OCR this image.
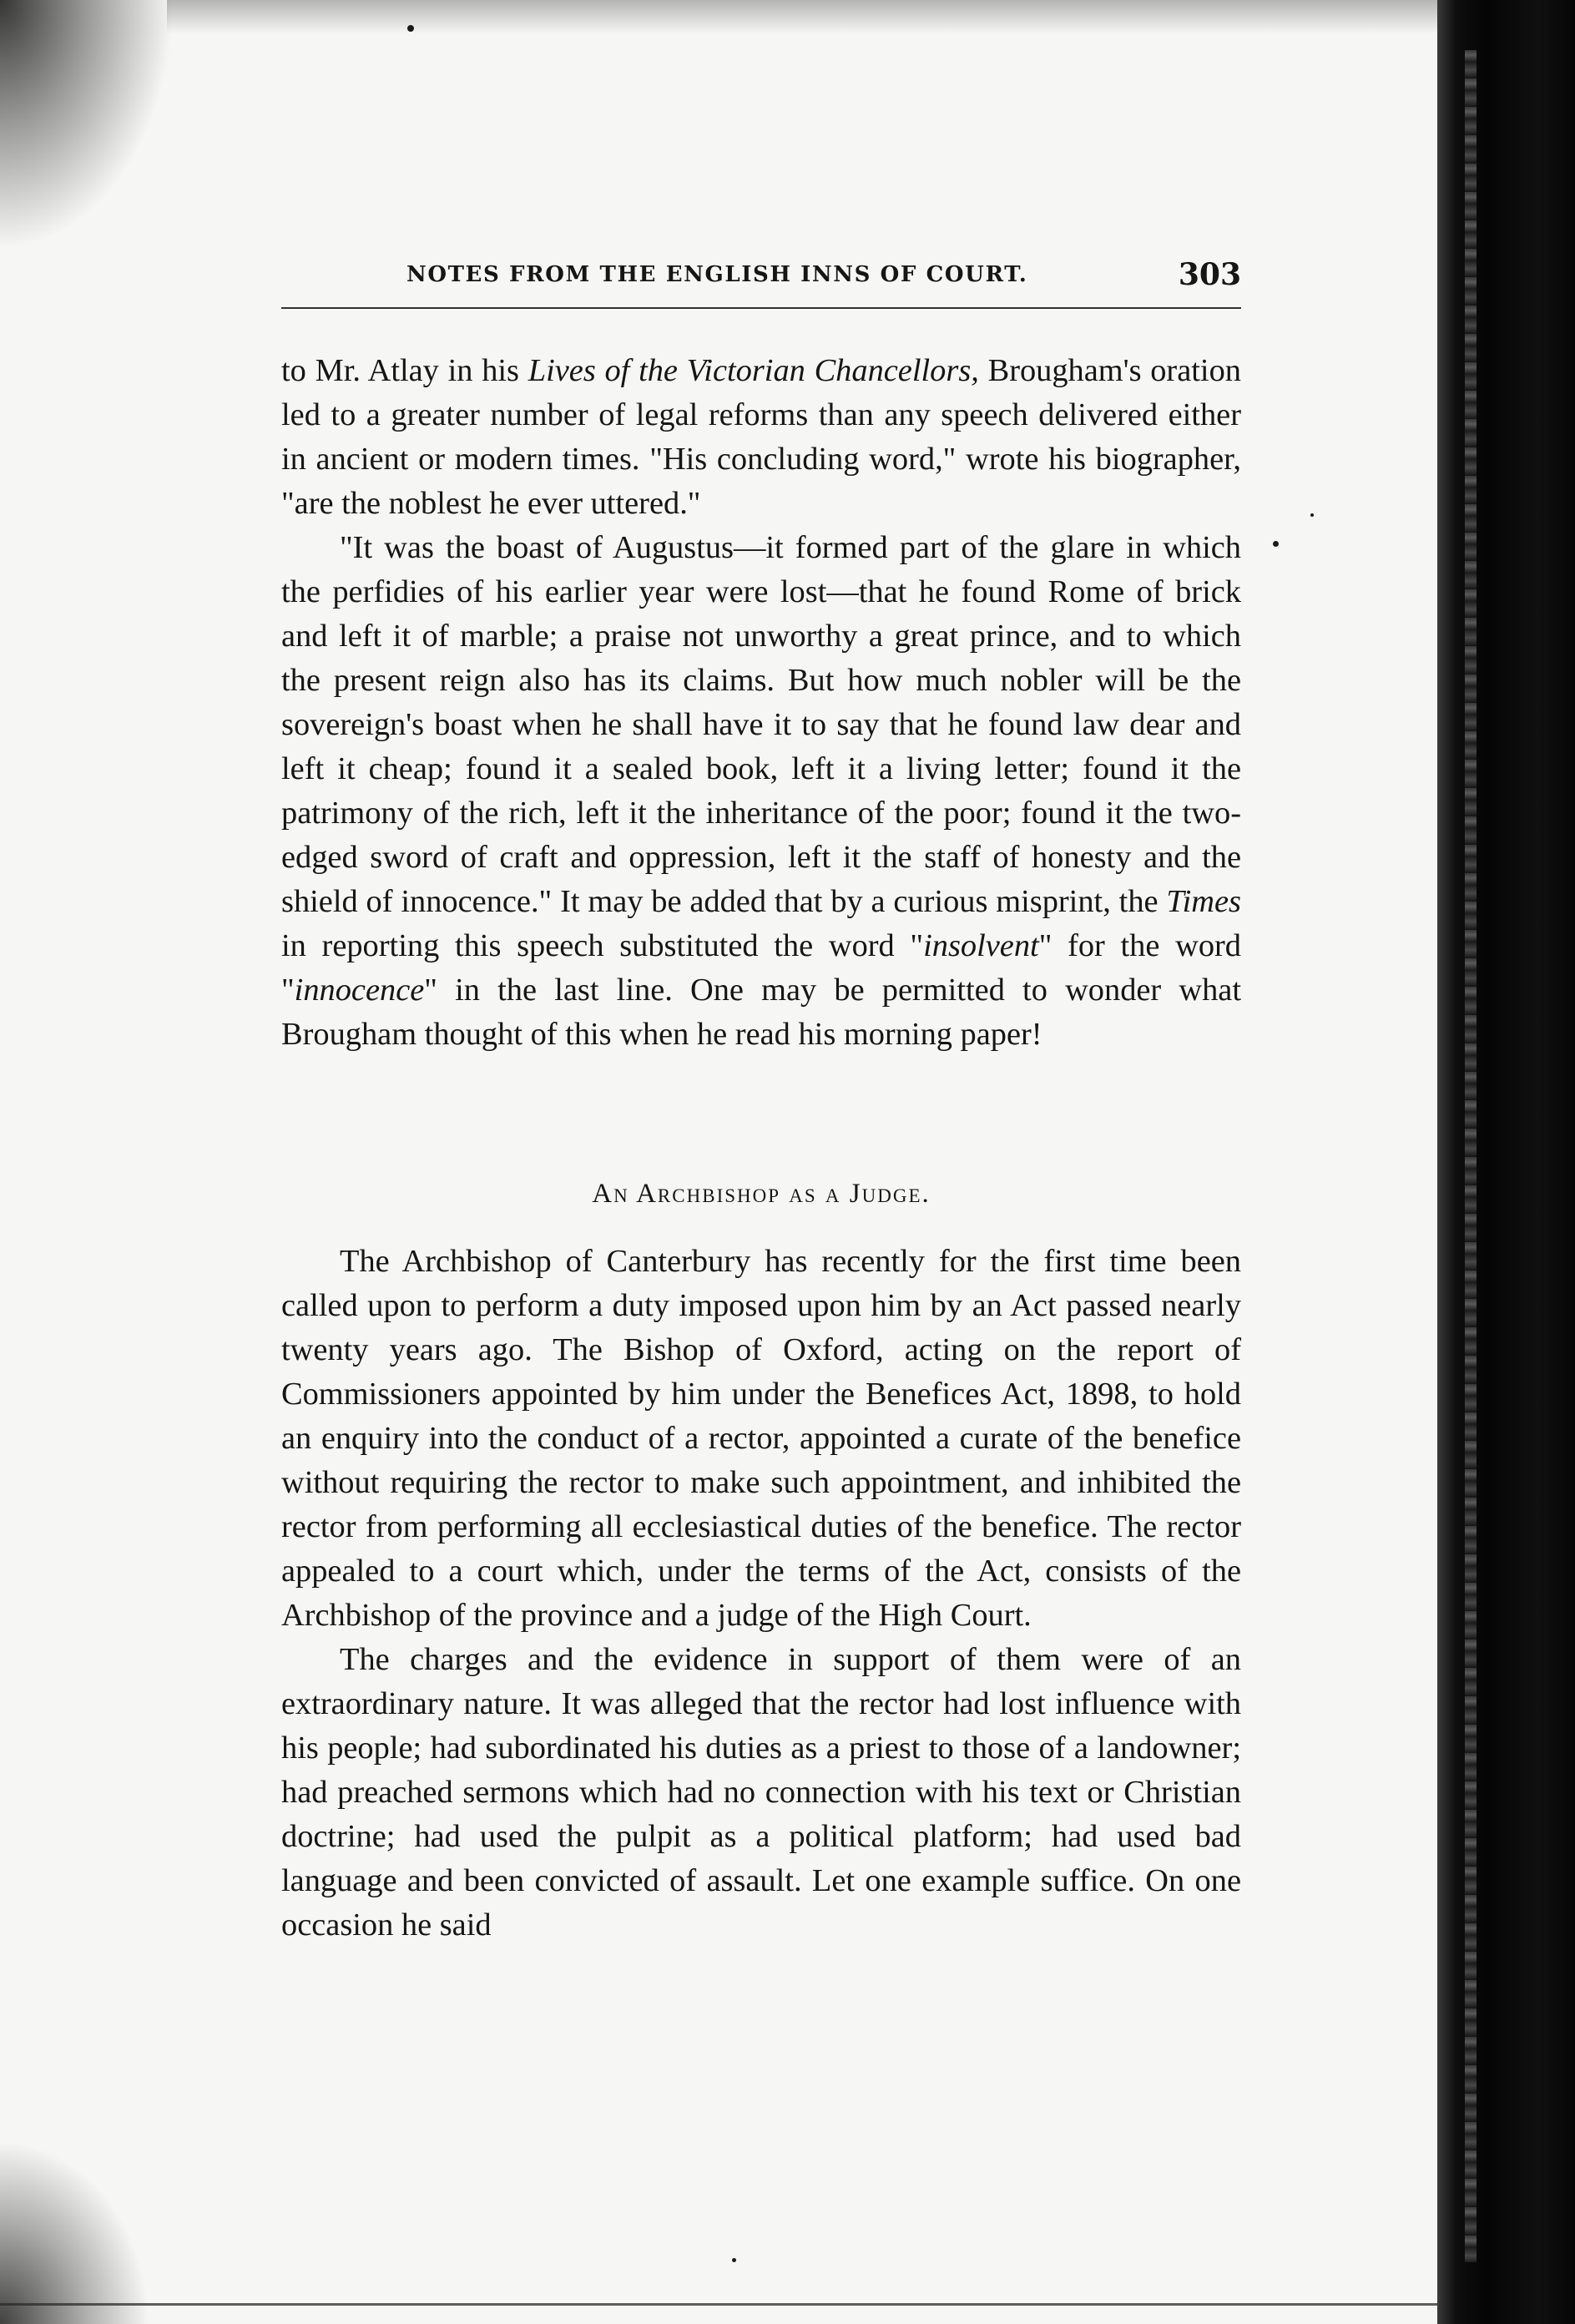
NOTES FROM THE ENGLISH INNS OF COURT.	303

to Mr. Atlay in his Lives of the Victorian Chancellors, Brougham's oration led to a greater number of legal reforms than any speech delivered either in ancient or modern times. "His concluding word," wrote his biographer, "are the noblest he ever uttered."

"It was the boast of Augustus—it formed part of the glare in which the perfidies of his earlier year were lost—that he found Rome of brick and left it of marble; a praise not unworthy a great prince, and to which the present reign also has its claims. But how much nobler will be the sovereign's boast when he shall have it to say that he found law dear and left it cheap; found it a sealed book, left it a living letter; found it the patrimony of the rich, left it the inheritance of the poor; found it the two-edged sword of craft and oppression, left it the staff of honesty and the shield of innocence." It may be added that by a curious misprint, the Times in reporting this speech substituted the word "insolvent" for the word "innocence" in the last line. One may be permitted to wonder what Brougham thought of this when he read his morning paper!

An Archbishop as a Judge.

The Archbishop of Canterbury has recently for the first time been called upon to perform a duty imposed upon him by an Act passed nearly twenty years ago. The Bishop of Oxford, acting on the report of Commissioners appointed by him under the Benefices Act, 1898, to hold an enquiry into the conduct of a rector, appointed a curate of the benefice without requiring the rector to make such appointment, and inhibited the rector from performing all ecclesiastical duties of the benefice. The rector appealed to a court which, under the terms of the Act, consists of the Archbishop of the province and a judge of the High Court.

The charges and the evidence in support of them were of an extraordinary nature. It was alleged that the rector had lost influence with his people; had subordinated his duties as a priest to those of a landowner; had preached sermons which had no connection with his text or Christian doctrine; had used the pulpit as a political platform; had used bad language and been convicted of assault. Let one example suffice. On one occasion he said
